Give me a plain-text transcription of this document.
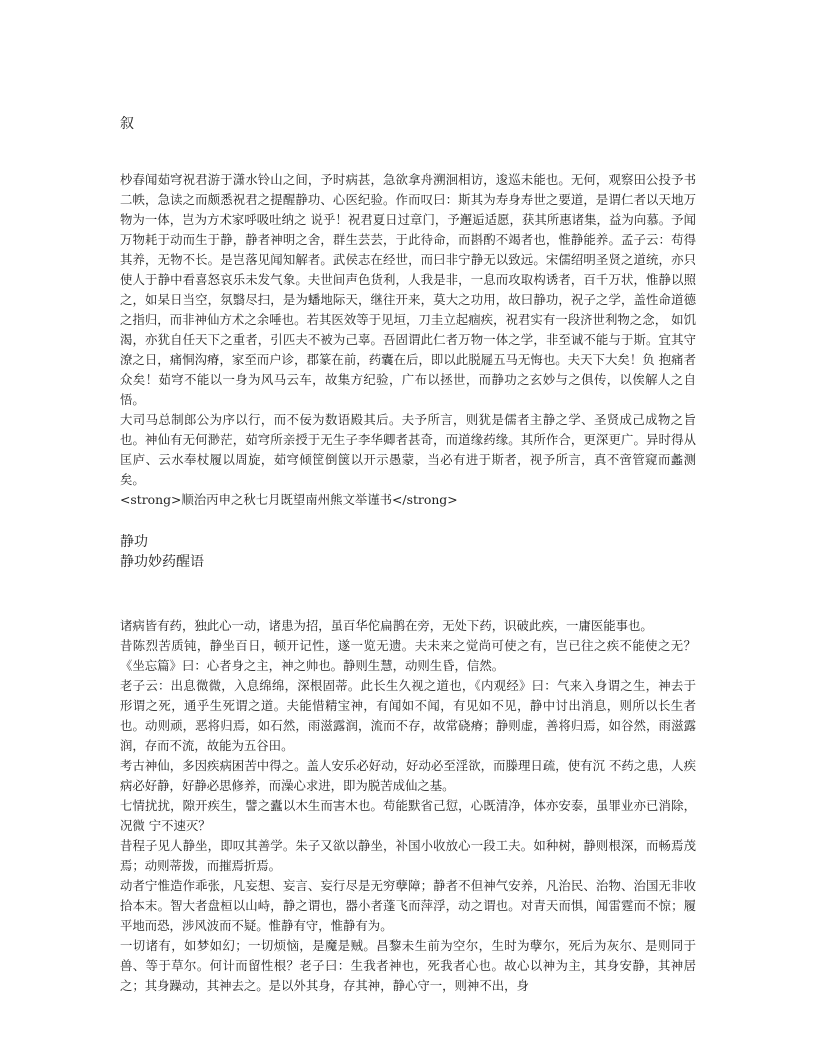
叙
杪春闻茹穹祝君游于潇水铃山之间，予时病甚，急欲拿舟溯洄相访，逡巡未能也。无何，观察田公投予书二帙，急读之而颇悉祝君之提醒静功、心医纪验。作而叹曰：斯其为寿身寿世之要道，是谓仁者以天地万物为一体，岂为方术家呼吸吐纳之 说乎！祝君夏日过章门，予邂逅适愿，获其所惠诸集，益为向慕。予闻万物耗于动而生于静，静者神明之舍，群生芸芸，于此待命，而斟酌不竭者也，惟静能养。孟子云：苟得其养，无物不长。是岂落见闻知解者。武侯志在经世，而曰非宁静无以致远。宋儒绍明圣贤之道统，亦只使人于静中看喜怒哀乐未发气象。夫世间声色货利，人我是非，一息而攻取构诱者，百千万状，惟静以照之，如杲日当空，氛翳尽扫，是为蟠地际天，继往开来，莫大之功用，故曰静功，祝子之学，盖性命道德之指归，而非神仙方术之余唾也。若其医效等于见垣，刀圭立起痼疾，祝君实有一段济世利物之念， 如饥渴，亦犹自任天下之重者，引匹夫不被为己辜。吾固谓此仁者万物一体之学，非至诚不能与于斯。宜其守潦之日，痛恫沟瘠，家至而户诊，郡篆在前，药囊在后，即以此脱屣五马无悔也。夫天下大矣！负 抱痛者众矣！茹穹不能以一身为风马云车，故集方纪验，广布以拯世，而静功之玄妙与之俱传，以俟解人之自悟。
大司马总制郎公为序以行，而不佞为数语殿其后。夫予所言，则犹是儒者主静之学、圣贤成己成物之旨也。神仙有无何渺茫，茹穹所亲授于无生子李华卿者甚奇，而道缘药缘。其所作合，更深更广。异时得从匡庐、云水奉杖履以周旋，茹穹倾筐倒箧以开示愚蒙，当必有进于斯者，视予所言，真不啻管窥而蠡测矣。
<strong>顺治丙申之秋七月既望南州熊文举谨书</strong>
静功
静功妙药醒语
诸病皆有药，独此心一动，诸患为招，虽百华佗扁鹊在旁，无处下药，识破此疾，一庸医能事也。
昔陈烈苦质钝，静坐百日，顿开记性，遂一览无遗。夫未来之觉尚可使之有，岂已往之疾不能使之无？《坐忘篇》曰：心者身之主，神之帅也。静则生慧，动则生昏，信然。
老子云：出息微微，入息绵绵，深根固蒂。此长生久视之道也，《内观经》曰：气来入身谓之生，神去于形谓之死，通乎生死谓之道。夫能惜精宝神，有闻如不闻，有见如不见，静中讨出消息，则所以长生者也。动则顽，恶将归焉，如石然，雨滋露润，流而不存，故常硗瘠；静则虚，善将归焉，如谷然，雨滋露润，存而不流，故能为五谷田。
考古神仙，多因疾病困苦中得之。盖人安乐必好动，好动必至淫欲，而滕理日疏，使有沉 不药之患，人疾病必好静，好静必思修养，而澡心求进，即为脱苦成仙之基。
七情扰扰，隙开疾生，譬之蠹以木生而害木也。苟能默省己愆，心既清净，体亦安泰，虽罪业亦已消除，况微 宁不速灭？
昔程子见人静坐，即叹其善学。朱子又欲以静坐，补国小收放心一段工夫。如种树，静则根深，而畅焉茂焉；动则蒂拨，而摧焉折焉。
动者宁惟造作乖张，凡妄想、妄言、妄行尽是无穷孽障；静者不但神气安养，凡治民、治物、治国无非收拾本末。智大者盘桓以山峙，静之谓也，器小者蓬飞而萍浮，动之谓也。对青天而惧，闻雷霆而不惊；履平地而恐，涉风波而不疑。惟静有守，惟静有为。
一切诸有，如梦如幻；一切烦恼，是魔是贼。昌黎未生前为空尔，生时为孽尔，死后为灰尔、是则同于兽、等于草尔。何计而留性根？老子曰：生我者神也，死我者心也。故心以神为主，其身安静，其神居之；其身躁动，其神去之。是以外其身，存其神，静心守一，则神不出，身
